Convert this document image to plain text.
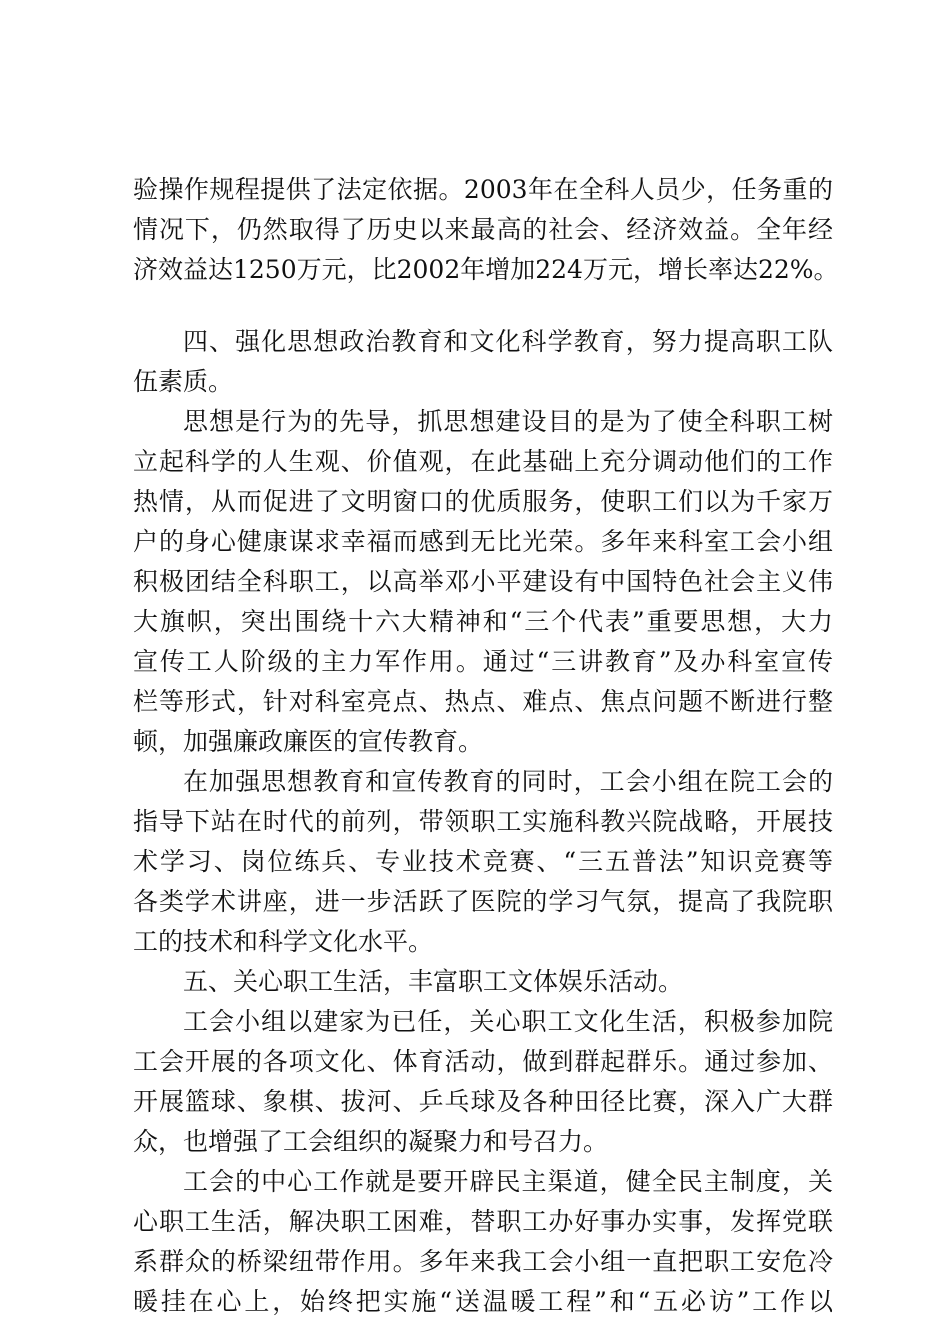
验操作规程提供了法定依据。2003年在全科人员少，任务重的
情况下，仍然取得了历史以来最高的社会、经济效益。全年经
济效益达1250万元，比2002年增加224万元，增长率达22%。
四、强化思想政治教育和文化科学教育，努力提高职工队
伍素质。
思想是行为的先导，抓思想建设目的是为了使全科职工树
立起科学的人生观、价值观，在此基础上充分调动他们的工作
热情，从而促进了文明窗口的优质服务，使职工们以为千家万
户的身心健康谋求幸福而感到无比光荣。多年来科室工会小组
积极团结全科职工，以高举邓小平建设有中国特色社会主义伟
大旗帜，突出围绕十六大精神和“三个代表”重要思想，大力
宣传工人阶级的主力军作用。通过“三讲教育”及办科室宣传
栏等形式，针对科室亮点、热点、难点、焦点问题不断进行整
顿，加强廉政廉医的宣传教育。
在加强思想教育和宣传教育的同时，工会小组在院工会的
指导下站在时代的前列，带领职工实施科教兴院战略，开展技
术学习、岗位练兵、专业技术竞赛、“三五普法”知识竞赛等
各类学术讲座，进一步活跃了医院的学习气氛，提高了我院职
工的技术和科学文化水平。
五、关心职工生活，丰富职工文体娱乐活动。
工会小组以建家为已任，关心职工文化生活，积极参加院
工会开展的各项文化、体育活动，做到群起群乐。通过参加、
开展篮球、象棋、拔河、乒乓球及各种田径比赛，深入广大群
众，也增强了工会组织的凝聚力和号召力。
工会的中心工作就是要开辟民主渠道，健全民主制度，关
心职工生活，解决职工困难，替职工办好事办实事，发挥党联
系群众的桥梁纽带作用。多年来我工会小组一直把职工安危冷
暖挂在心上，始终把实施“送温暖工程”和“五必访”工作以
